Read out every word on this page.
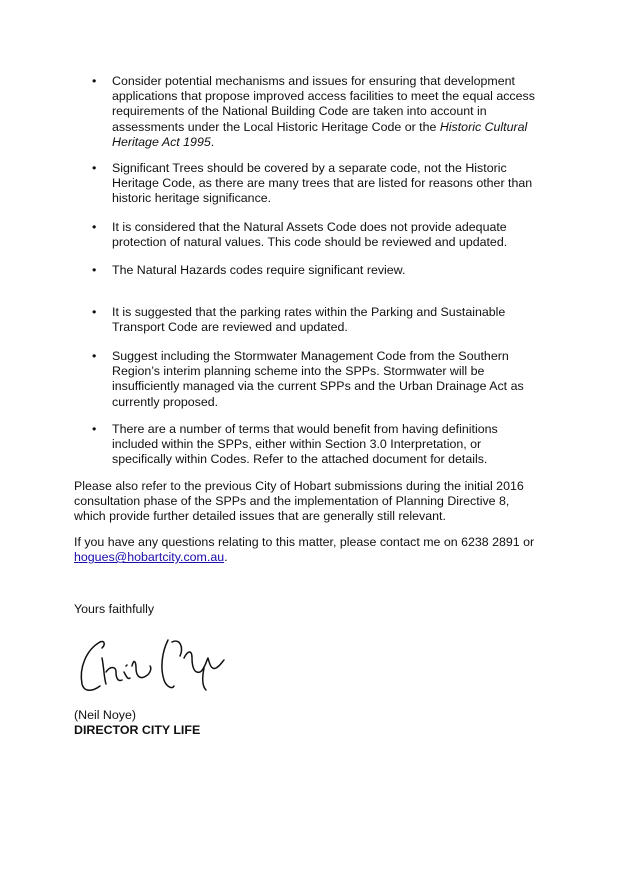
• Consider potential mechanisms and issues for ensuring that development
applications that propose improved access facilities to meet the equal access
requirements of the National Building Code are taken into account in
assessments under the Local Historic Heritage Code or the Historic Cultural
Heritage Act 1995.
• Significant Trees should be covered by a separate code, not the Historic
Heritage Code, as there are many trees that are listed for reasons other than
historic heritage significance.
• It is considered that the Natural Assets Code does not provide adequate
protection of natural values. This code should be reviewed and updated.
• The Natural Hazards codes require significant review.
• It is suggested that the parking rates within the Parking and Sustainable
Transport Code are reviewed and updated.
• Suggest including the Stormwater Management Code from the Southern
Region’s interim planning scheme into the SPPs. Stormwater will be
insufficiently managed via the current SPPs and the Urban Drainage Act as
currently proposed.
• There are a number of terms that would benefit from having definitions
included within the SPPs, either within Section 3.0 Interpretation, or
specifically within Codes. Refer to the attached document for details.
Please also refer to the previous City of Hobart submissions during the initial 2016
consultation phase of the SPPs and the implementation of Planning Directive 8,
which provide further detailed issues that are generally still relevant.
If you have any questions relating to this matter, please contact me on 6238 2891 or
hogues@hobartcity.com.au.
Yours faithfully
(Neil Noye)
DIRECTOR CITY LIFE
